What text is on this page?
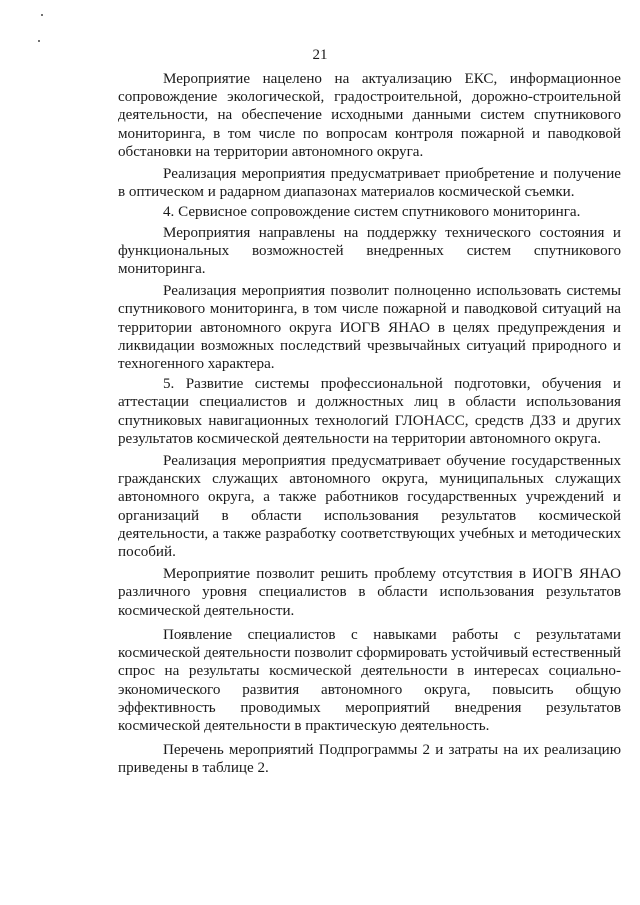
21

Мероприятие нацелено на актуализацию ЕКС, информационное сопровождение экологической, градостроительной, дорожно-строительной деятельности, на обеспечение исходными данными систем спутникового мониторинга, в том числе по вопросам контроля пожарной и паводковой обстановки на территории автономного округа.

Реализация мероприятия предусматривает приобретение и получение в оптическом и радарном диапазонах материалов космической съемки.

4. Сервисное сопровождение систем спутникового мониторинга.

Мероприятия направлены на поддержку технического состояния и функциональных возможностей внедренных систем спутникового мониторинга.

Реализация мероприятия позволит полноценно использовать системы спутникового мониторинга, в том числе пожарной и паводковой ситуаций на территории автономного округа ИОГВ ЯНАО в целях предупреждения и ликвидации возможных последствий чрезвычайных ситуаций природного и техногенного характера.

5. Развитие системы профессиональной подготовки, обучения и аттестации специалистов и должностных лиц в области использования спутниковых навигационных технологий ГЛОНАСС, средств ДЗЗ и других результатов космической деятельности на территории автономного округа.

Реализация мероприятия предусматривает обучение государственных гражданских служащих автономного округа, муниципальных служащих автономного округа, а также работников государственных учреждений и организаций в области использования результатов космической деятельности, а также разработку соответствующих учебных и методических пособий.

Мероприятие позволит решить проблему отсутствия в ИОГВ ЯНАО различного уровня специалистов в области использования результатов космической деятельности.

Появление специалистов с навыками работы с результатами космической деятельности позволит сформировать устойчивый естественный спрос на результаты космической деятельности в интересах социально-экономического развития автономного округа, повысить общую эффективность проводимых мероприятий внедрения результатов космической деятельности в практическую деятельность.

Перечень мероприятий Подпрограммы 2 и затраты на их реализацию приведены в таблице 2.
